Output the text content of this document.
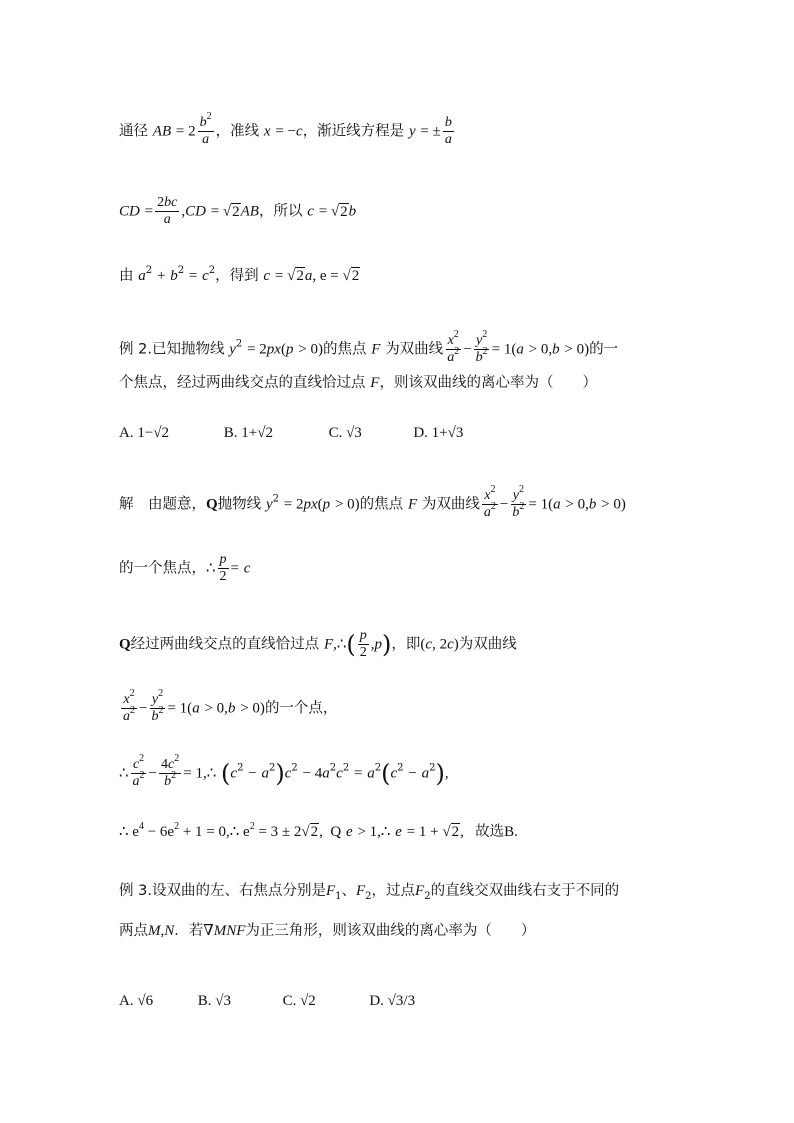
通径 AB = $2 \frac{b^2}{a}$ ，准线 x = −c，渐近线方程是 y = ± $\frac{b}{a}$
CD = $\frac{2bc}{a} ,CD = √2AB$，所以 c = √2b
由 $a^2 + b^2 = c^2$，得到 c = √2a, e = √2
例 2.已知抛物线 $y^2 = 2px(p > 0)$的焦点 F 为双曲线 $\frac{x^2}{a^2} - \frac{y^2}{b^2} = 1(a > 0,b > 0)$的一
个焦点，经过两曲线交点的直线恰过点 F，则该双曲线的离心率为（　　）
A. 1−√2	B. 1+√2	C. √3	D. 1+√3
解　由题意，Q抛物线 $y^2 = 2px(p > 0)$的焦点 F 为双曲线 $\frac{x^2}{a^2} - \frac{y^2}{b^2} = 1(a > 0,b > 0)$
的一个焦点，∴ $\frac{p}{2} = c$
Q经过两曲线交点的直线恰过点 F,∴( $\frac{p}{2} ,p$)，即(c, 2c)为双曲线
$\frac{x^2}{a^2} - \frac{y^2}{b^2} = 1(a > 0,b > 0)$的一个点，
∴ $\frac{c^2}{a^2} - \frac{4c^2}{b^2}$ = 1,∴ $(c^2 - a^2)c^2 - 4a^2c^2 = a^2(c^2 - a^2)$,
∴ $e^4 - 6e^2 + 1$ = 0,∴ $e^2 = 3 \pm 2√2$,  Q e > 1,∴ e = 1 + √2,   故选B.
例 3.设双曲的左、右焦点分别是$F_1$、$F_2$，过点$F_2$的直线交双曲线右支于不同的
两点M,N．若∇MNF为正三角形，则该双曲线的离心率为（　　）
A. √6	B. √3	C. √2	D. √3/3
